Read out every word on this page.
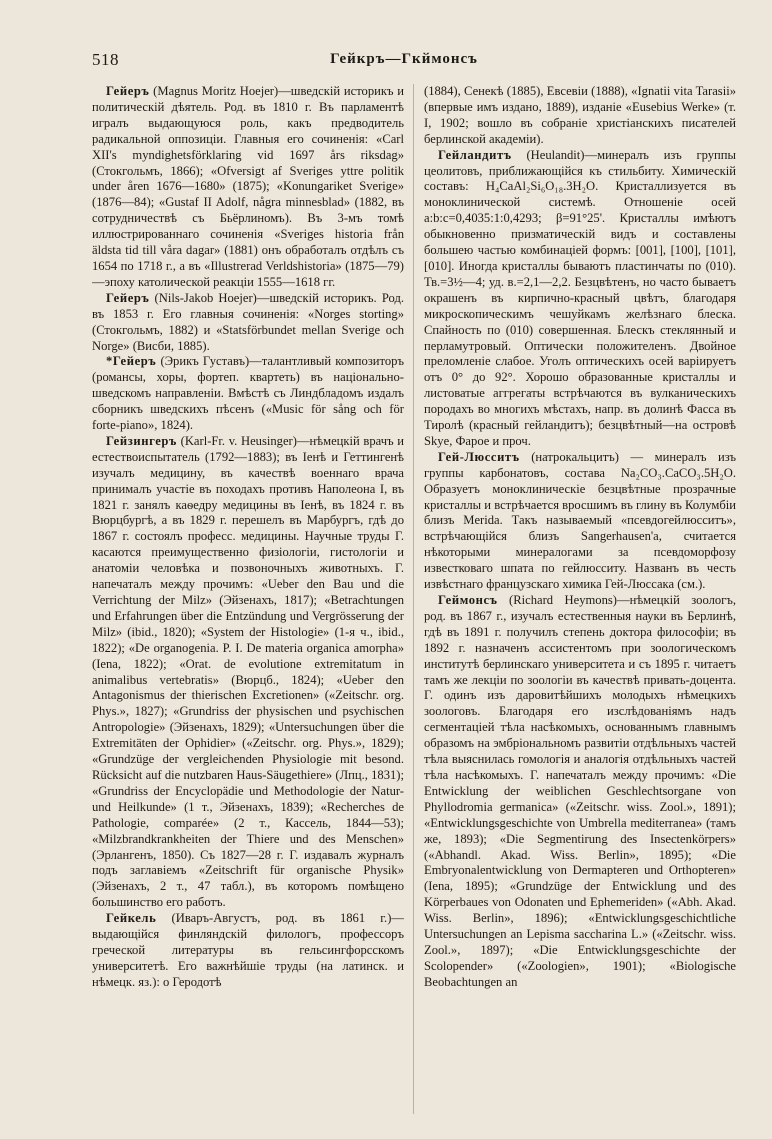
518	Гейкръ—Гкймонсъ

Гейеръ (Magnus Moritz Hoejer)—шведскій историкъ и политическій дѣятель. Род. въ 1810 г. Въ парламентѣ игралъ выдающуюся роль, какъ предводитель радикальной оппозиціи. Главныя его сочиненія: «Carl XII's myndighetsförklaring vid 1697 års riksdag» (Стокгольмъ, 1866); «Ofversigt af Sveriges yttre politik under åren 1676—1680» (1875); «Konungariket Sverige» (1876—84); «Gustaf II Adolf, några minnesblad» (1882, въ сотрудничествѣ съ Бьёрлиномъ). Въ 3-мъ томѣ иллюстрированнаго сочиненія «Sveriges historia från äldsta tid till våra dagar» (1881) онъ обработалъ отдѣлъ съ 1654 по 1718 г., а въ «Illustrerad Verldshistoria» (1875—79)—эпоху католической реакціи 1555—1618 гг.

Гейеръ (Nils-Jakob Hoejer)—шведскій историкъ. Род. въ 1853 г. Его главныя сочиненія: «Norges storting» (Стокгольмъ, 1882) и «Statsförbundet mellan Sverige och Norge» (Висби, 1885).

*Гейеръ (Эрикъ Густавъ)—талантливый композиторъ (романсы, хоры, фортеп. квартеть) въ національно-шведскомъ направленіи. Вмѣстѣ съ Линдбладомъ издалъ сборникъ шведскихъ пѣсенъ («Music för sång och för forte-piano», 1824).

Гейзингеръ (Karl-Fr. v. Heusinger)—нѣмецкій врачъ и естествоиспытатель (1792—1883); въ Іенѣ и Геттингенѣ изучалъ медицину, въ качествѣ военнаго врача принималъ участіе въ походахъ противъ Наполеона I, въ 1821 г. занялъ каѳедру медицины въ Іенѣ, въ 1824 г. въ Вюрцбургѣ, а въ 1829 г. перешелъ въ Марбургъ, гдѣ до 1867 г. состоялъ професс. медицины. Научные труды Г. касаются преимущественно физіологіи, гистологіи и анатоміи человѣка и позвоночныхъ животныхъ. Г. напечаталъ между прочимъ: «Ueber den Bau und die Verrichtung der Milz» (Эйзенахъ, 1817); «Betrachtungen und Erfahrungen über die Entzündung und Vergrösserung der Milz» (ibid., 1820); «System der Histologie» (1-я ч., ibid., 1822); «De organogenia. P. I. De materia organica amorpha» (Iena, 1822); «Orat. de evolutione extremitatum in animalibus vertebratis» (Вюрцб., 1824); «Ueber den Antagonismus der thierischen Excretionen» («Zeitschr. org. Phys.», 1827); «Grundriss der physischen und psychischen Antropologie» (Эйзенахъ, 1829); «Untersuchungen über die Extremitäten der Ophidier» («Zeitschr. org. Phys.», 1829); «Grundzüge der vergleichenden Physiologie mit besond. Rücksicht auf die nutzbaren Haus-Säugethiere» (Лпц., 1831); «Grundriss der Encyclopädie und Methodologie der Natur-und Heilkunde» (1 т., Эйзенахъ, 1839); «Recherches de Pathologie, comparée» (2 т., Кассель, 1844—53); «Milzbrandkrankheiten der Thiere und des Menschen» (Эрлангенъ, 1850). Съ 1827—28 г. Г. издавалъ журналъ подъ заглавіемъ «Zeitschrift für organische Physik» (Эйзенахъ, 2 т., 47 табл.), въ которомъ помѣщено большинство его работъ.

Гейкель (Иваръ-Августъ, род. въ 1861 г.)—выдающійся финляндскій филологъ, профессоръ греческой литературы въ гельсингфорсскомъ университетѣ. Его важнѣйшіе труды (на латинск. и нѣмецк. яз.): о Геродотѣ

(1884), Сенекѣ (1885), Евсевіи (1888), «Ignatii vita Tarasii» (впервые имъ издано, 1889), изданіе «Eusebius Werke» (т. I, 1902; вошло въ собраніе христіанскихъ писателей берлинской академіи).

Гейландитъ (Heulandit)—минералъ изъ группы цеолитовъ, приближающійся къ стильбиту. Химическій составъ: H₄CaAl₂Si₆O₁₈.3H₂O. Кристаллизуется въ моноклинической системѣ. Отношеніе осей a:b:c=0,4035:1:0,4293; β=91°25'. Кристаллы имѣютъ обыкновенно призматическій видъ и составлены большею частью комбинаціей формъ: [001], [100], [101], [010]. Иногда кристаллы бываютъ пластинчаты по (010). Тв.=3½—4; уд. в.=2,1—2,2. Безцвѣтенъ, но часто бываетъ окрашенъ въ кирпично-красный цвѣтъ, благодаря микроскопическимъ чешуйкамъ желѣзнаго блеска. Спайность по (010) совершенная. Блескъ стеклянный и перламутровый. Оптически положителенъ. Двойное преломленіе слабое. Уголъ оптическихъ осей варіируетъ отъ 0° до 92°. Хорошо образованные кристаллы и листоватые аггрегаты встрѣчаются въ вулканическихъ породахъ во многихъ мѣстахъ, напр. въ долинѣ Фасса въ Тиролѣ (красный гейландитъ); безцвѣтный—на островѣ Skye, Фарое и проч.

Гей-Люсситъ (натрокальцитъ) — минералъ изъ группы карбонатовъ, состава Na₂CO₃.CaCO₃.5H₂O. Образуетъ моноклиническіе безцвѣтные прозрачные кристаллы и встрѣчается вросшимъ въ глину въ Колумбіи близъ Merida. Такъ называемый «псевдогейлюсситъ», встрѣчающійся близъ Sangerhausen'а, считается нѣкоторыми минералогами за псевдоморфозу известковаго шпата по гейлюсситу. Названъ въ честь извѣстнаго французскаго химика Гей-Люссака (см.).

Геймонсъ (Richard Heymons)—нѣмецкій зоологъ, род. въ 1867 г., изучалъ естественныя науки въ Берлинѣ, гдѣ въ 1891 г. получилъ степень доктора философіи; въ 1892 г. назначенъ ассистентомъ при зоологическомъ институтѣ берлинскаго университета и съ 1895 г. читаетъ тамъ же лекціи по зоологіи въ качествѣ привать-доцента. Г. одинъ изъ даровитѣйшихъ молодыхъ нѣмецкихъ зоологовъ. Благодаря его изслѣдованіямъ надъ сегментаціей тѣла насѣкомыхъ, основаннымъ главнымъ образомъ на эмбріональномъ развитіи отдѣльныхъ частей тѣла выяснилась гомологія и аналогія отдѣльныхъ частей тѣла насѣкомыхъ. Г. напечаталъ между прочимъ: «Die Entwicklung der weiblichen Geschlechtsorgane von Phyllodromia germanica» («Zeitschr. wiss. Zool.», 1891); «Entwicklungsgeschichte von Umbrella mediterranea» (тамъ же, 1893); «Die Segmentirung des Insectenkörpers» («Abhandl. Akad. Wiss. Berlin», 1895); «Die Embryonalentwicklung von Dermapteren und Orthopteren» (Iena, 1895); «Grundzüge der Entwicklung und des Körperbaues von Odonaten und Ephemeriden» («Abh. Akad. Wiss. Berlin», 1896); «Entwicklungsgeschichtliche Untersuchungen an Lepisma saccharina L.» («Zeitschr. wiss. Zool.», 1897); «Die Entwicklungsgeschichte der Scolopender» («Zoologien», 1901); «Biologische Beobachtungen an
